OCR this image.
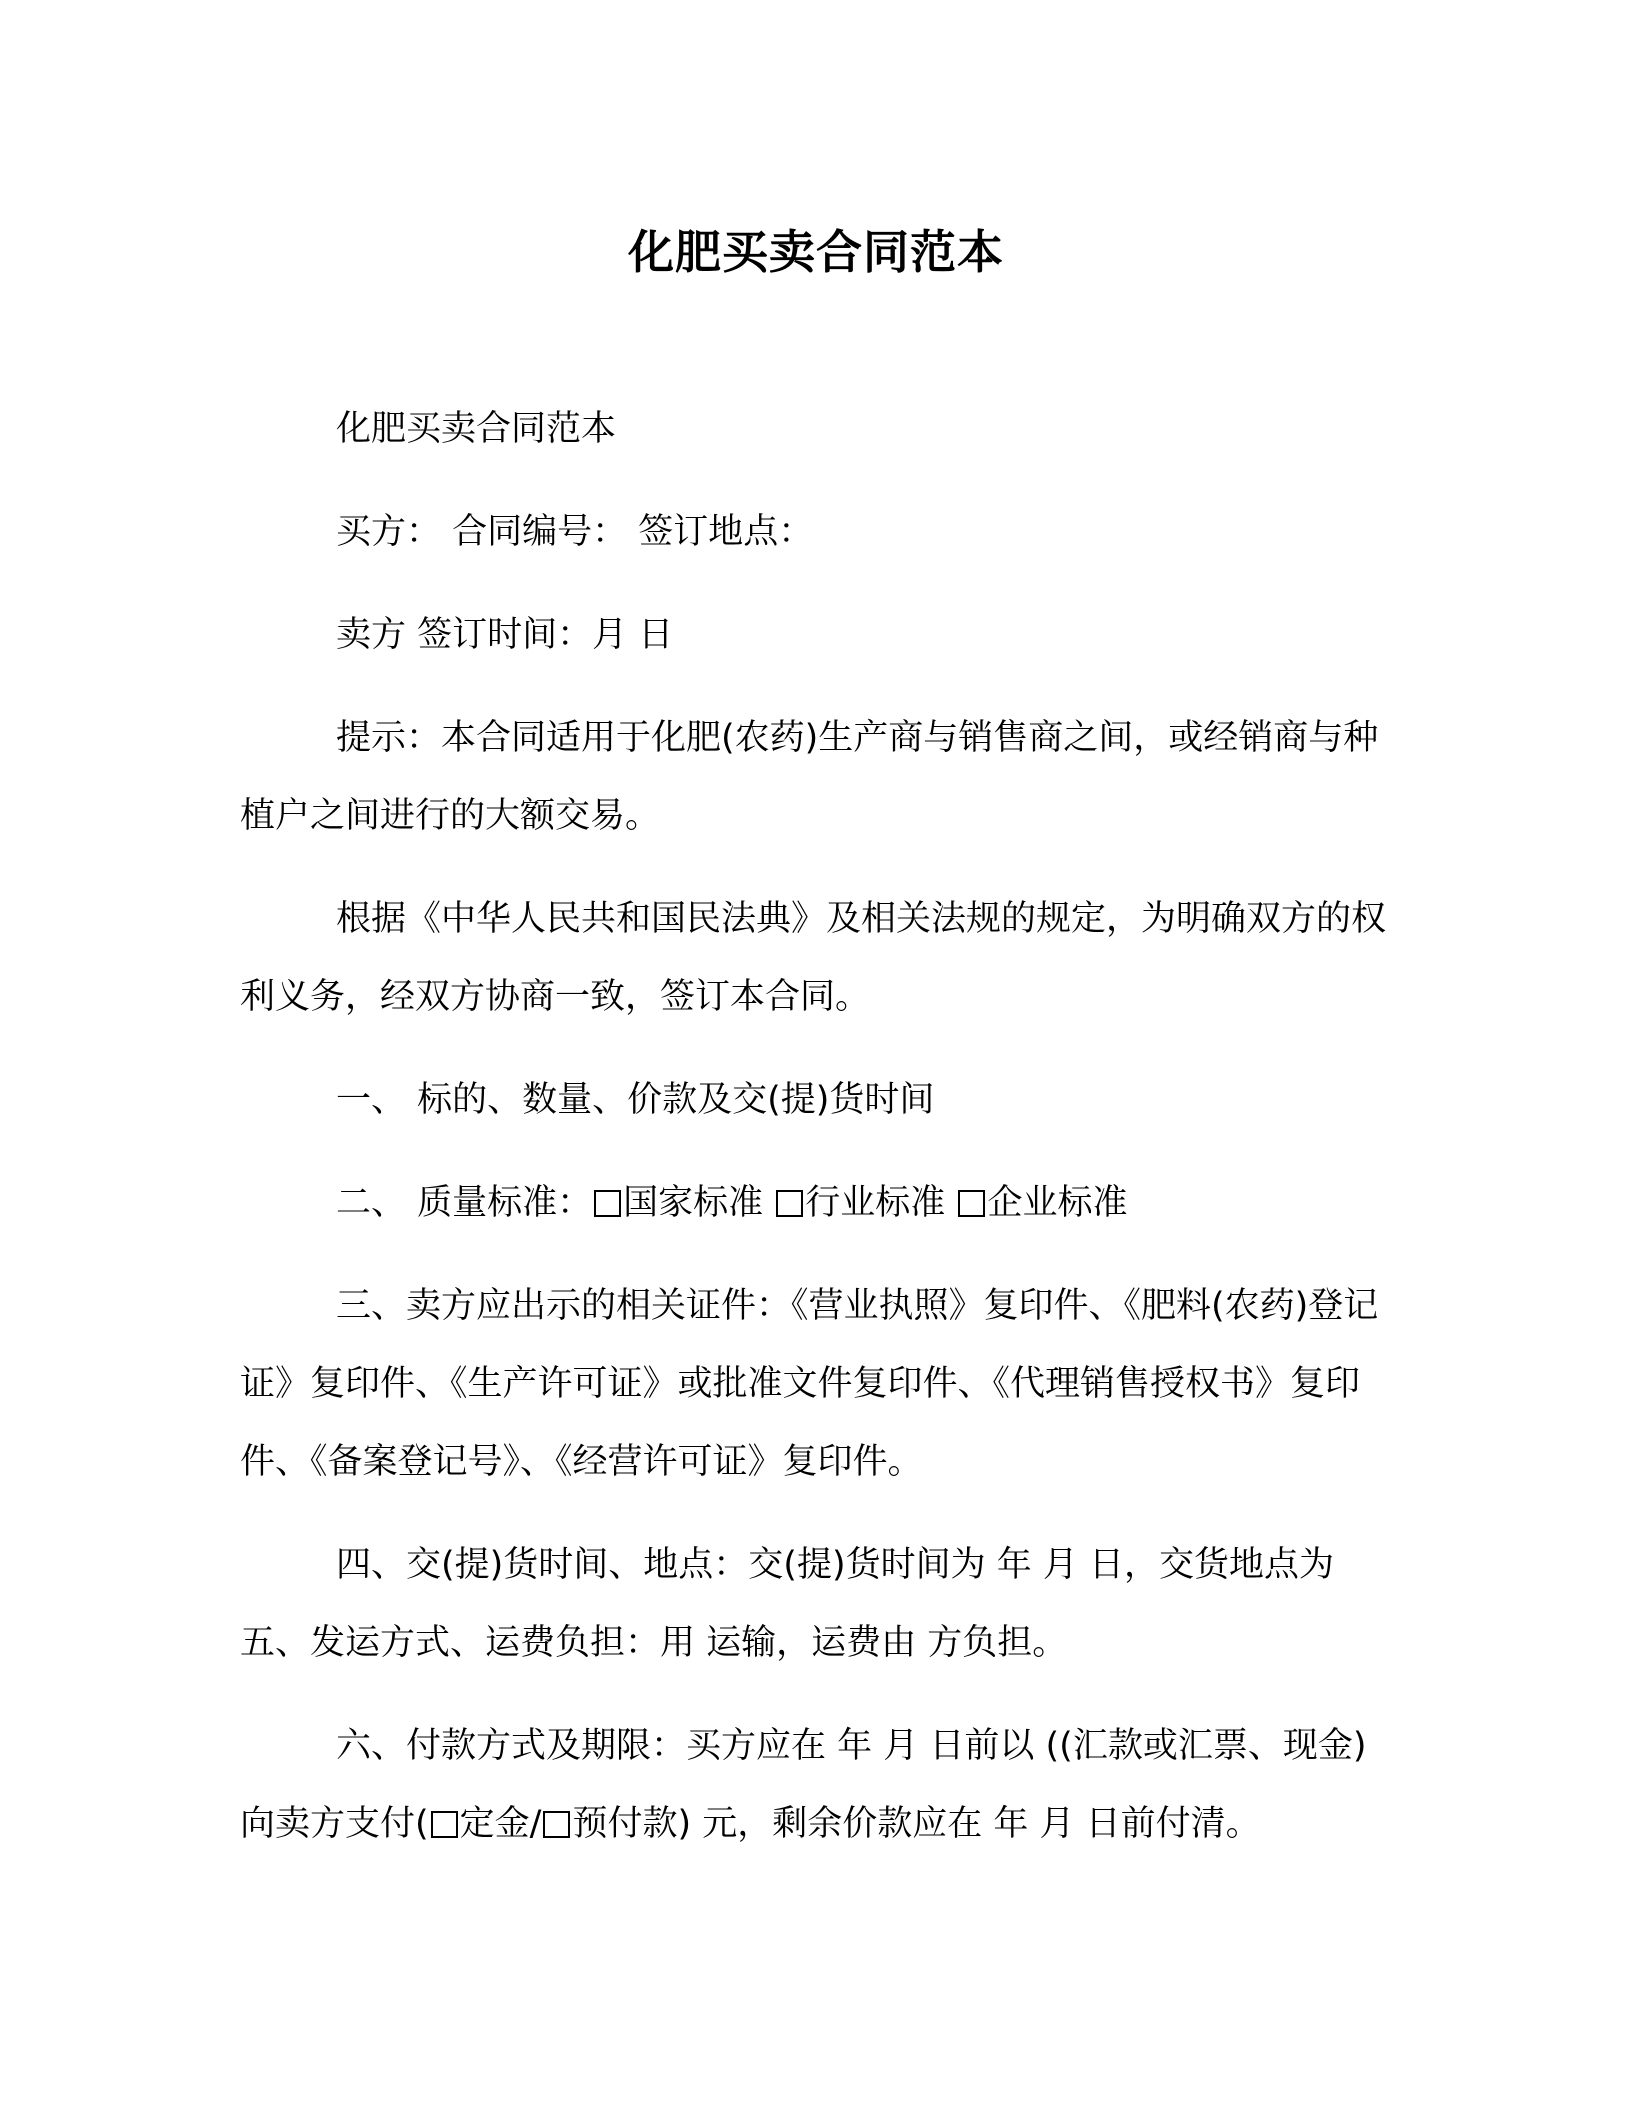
化肥买卖合同范本

化肥买卖合同范本

买方： 合同编号： 签订地点：

卖方 签订时间：月 日

提示：本合同适用于化肥(农药)生产商与销售商之间，或经销商与种植户之间进行的大额交易。

根据《中华人民共和国民法典》及相关法规的规定，为明确双方的权利义务，经双方协商一致，签订本合同。

一、 标的、数量、价款及交(提)货时间

二、 质量标准： 国家标准 行业标准 企业标准

三、卖方应出示的相关证件：《营业执照》复印件、《肥料(农药)登记证》复印件、《生产许可证》或批准文件复印件、《代理销售授权书》复印件、《备案登记号》、《经营许可证》复印件。

四、交(提)货时间、地点：交(提)货时间为 年 月 日，交货地点为

五、发运方式、运费负担：用 运输，运费由 方负担。

六、付款方式及期限：买方应在 年 月 日前以 ((汇款或汇票、现金)向卖方支付( 定金/ 预付款) 元，剩余价款应在 年 月 日前付清。
